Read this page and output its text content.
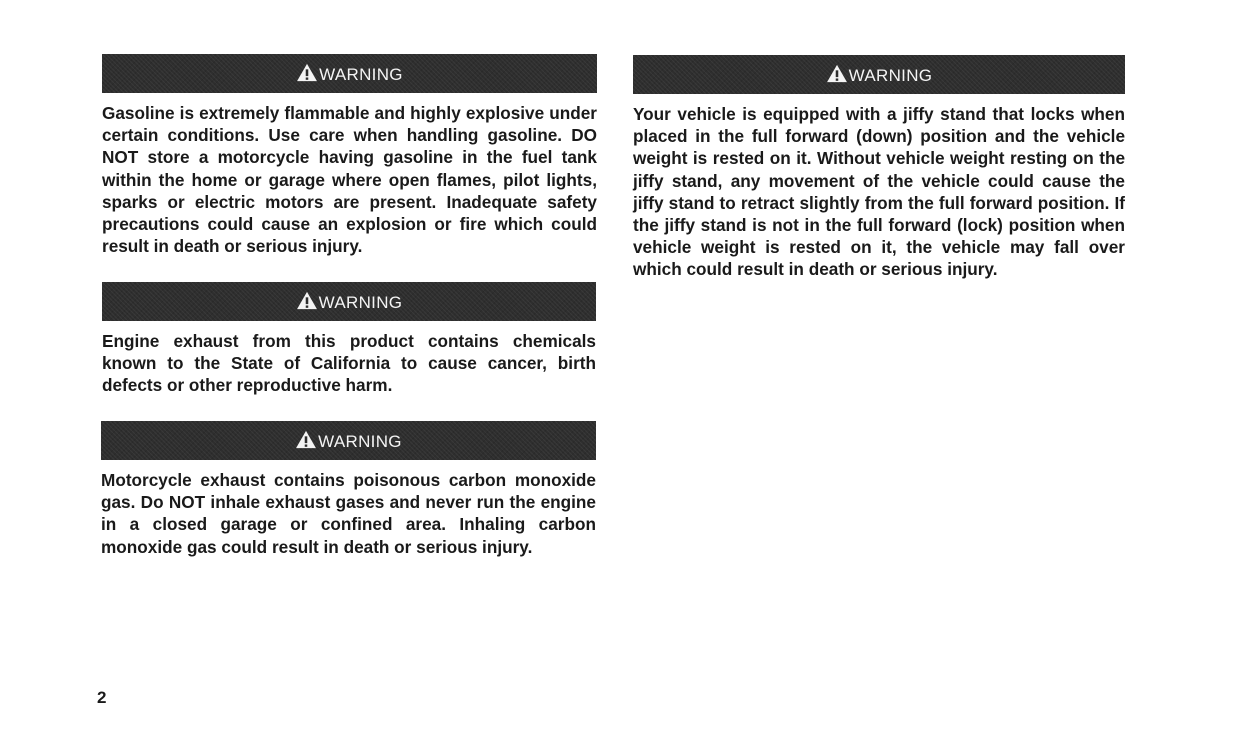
WARNING

Gasoline is extremely flammable and highly explosive under certain conditions. Use care when handling gasoline. DO NOT store a motorcycle having gasoline in the fuel tank within the home or garage where open flames, pilot lights, sparks or electric motors are present. Inadequate safety precautions could cause an explosion or fire which could result in death or serious injury.

WARNING

Engine exhaust from this product contains chemicals known to the State of California to cause cancer, birth defects or other reproductive harm.

WARNING

Motorcycle exhaust contains poisonous carbon monoxide gas. Do NOT inhale exhaust gases and never run the engine in a closed garage or confined area. Inhaling carbon monoxide gas could result in death or serious injury.

WARNING

Your vehicle is equipped with a jiffy stand that locks when placed in the full forward (down) position and the vehicle weight is rested on it. Without vehicle weight resting on the jiffy stand, any movement of the vehicle could cause the jiffy stand to retract slightly from the full forward position. If the jiffy stand is not in the full forward (lock) position when vehicle weight is rested on it, the vehicle may fall over which could result in death or serious injury.

2
